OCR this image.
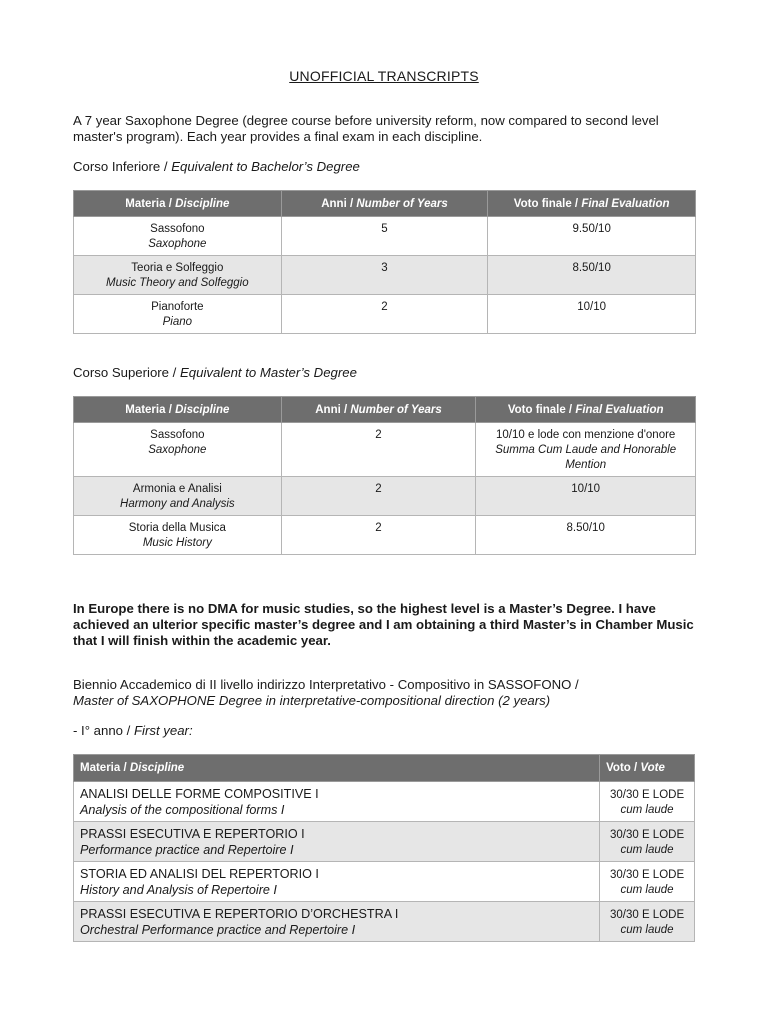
UNOFFICIAL TRANSCRIPTS
A 7 year Saxophone Degree (degree course before university reform, now compared to second level master's program). Each year provides a final exam in each discipline.
Corso Inferiore / Equivalent to Bachelor’s Degree
Materia / Discipline	Anni / Number of Years	Voto finale / Final Evaluation

Sassofono
Saxophone	5	9.50/10

Teoria e Solfeggio
Music Theory and Solfeggio	3	8.50/10

Pianoforte
Piano	2	10/10
Corso Superiore / Equivalent to Master’s Degree
Materia / Discipline	Anni / Number of Years	Voto finale / Final Evaluation

Sassofono
Saxophone	2	10/10 e lode con menzione d'onore
Summa Cum Laude and Honorable Mention

Armonia e Analisi
Harmony and Analysis	2	10/10

Storia della Musica
Music History	2	8.50/10
In Europe there is no DMA for music studies, so the highest level is a Master’s Degree. I have achieved an ulterior specific master’s degree and I am obtaining a third Master’s in Chamber Music that I will finish within the academic year.
Biennio Accademico di II livello indirizzo Interpretativo - Compositivo in SASSOFONO /
Master of SAXOPHONE Degree in interpretative-compositional direction (2 years)
- I° anno / First year:
Materia / Discipline	Voto / Vote

ANALISI DELLE FORME COMPOSITIVE I
Analysis of the compositional forms I	30/30 E LODE
cum laude

PRASSI ESECUTIVA E REPERTORIO I
Performance practice and Repertoire I	30/30 E LODE
cum laude

STORIA ED ANALISI DEL REPERTORIO I
History and Analysis of Repertoire I	30/30 E LODE
cum laude

PRASSI ESECUTIVA E REPERTORIO D’ORCHESTRA I
Orchestral Performance practice and Repertoire I	30/30 E LODE
cum laude
